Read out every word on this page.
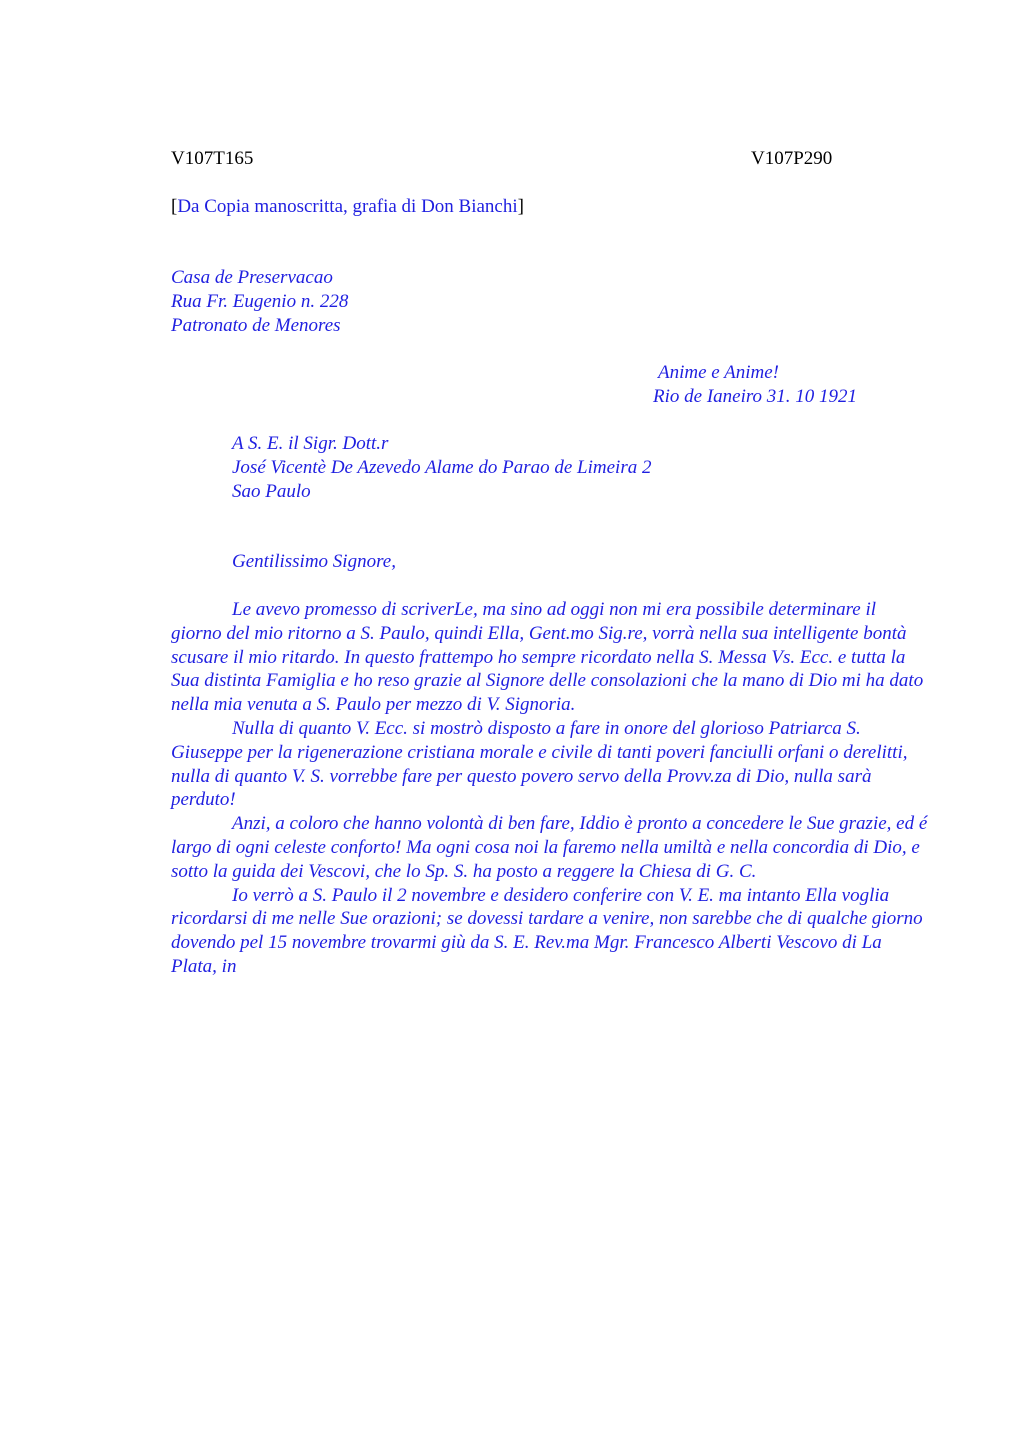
V107T165	V107P290
[Da Copia manoscritta, grafia di Don Bianchi]
Casa de Preservacao
Rua Fr. Eugenio n. 228
Patronato de Menores
Anime e Anime!
Rio de Ianeiro 31. 10 1921
A S. E. il Sigr. Dott.r
José Vicentè De Azevedo Alame do Parao de Limeira 2
Sao Paulo
Gentilissimo Signore,

Le avevo promesso di scriverLe, ma sino ad oggi non mi era possibile determinare il giorno del mio ritorno a S. Paulo, quindi Ella, Gent.mo Sig.re, vorrà nella sua intelligente bontà scusare il mio ritardo. In questo frattempo ho sempre ricordato nella S. Messa Vs. Ecc. e tutta la Sua distinta Famiglia e ho reso grazie al Signore delle consolazioni che la mano di Dio mi ha dato nella mia venuta a S. Paulo per mezzo di V. Signoria.

Nulla di quanto V. Ecc. si mostrò disposto a fare in onore del glorioso Patriarca S. Giuseppe per la rigenerazione cristiana morale e civile di tanti poveri fanciulli orfani o derelitti, nulla di quanto V. S. vorrebbe fare per questo povero servo della Provv.za di Dio, nulla sarà perduto!

Anzi, a coloro che hanno volontà di ben fare, Iddio è pronto a concedere le Sue grazie, ed é largo di ogni celeste conforto! Ma ogni cosa noi la faremo nella umiltà e nella concordia di Dio, e sotto la guida dei Vescovi, che lo Sp. S. ha posto a reggere la Chiesa di G. C.

Io verrò a S. Paulo il 2 novembre e desidero conferire con V. E. ma intanto Ella voglia ricordarsi di me nelle Sue orazioni; se dovessi tardare a venire, non sarebbe che di qualche giorno dovendo pel 15 novembre trovarmi giù da S. E. Rev.ma Mgr. Francesco Alberti Vescovo di La Plata, in
